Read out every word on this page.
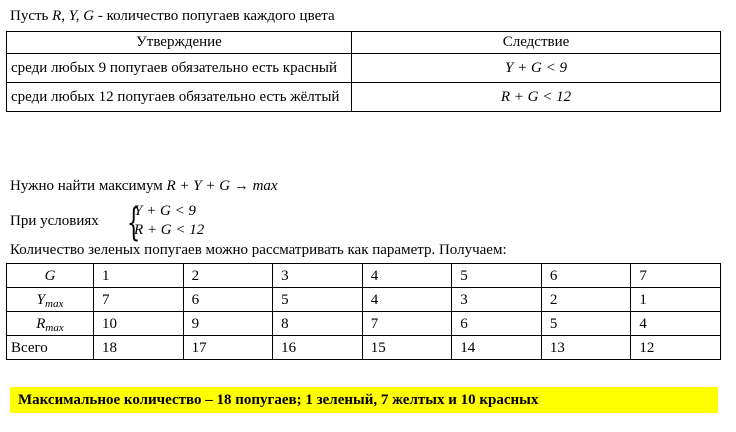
Пусть R, Y, G - количество попугаев каждого цвета
Утверждение	Следствие
среди любых 9 попугаев обязательно есть красный	Y + G < 9
среди любых 12 попугаев обязательно есть жёлтый	R + G < 12
Нужно найти максимум R + Y + G → max
При условиях {
Y + G < 9
R + G < 12
Количество зеленых попугаев можно рассматривать как параметр. Получаем:
G	1	2	3	4	5	6	7
$Y_{max}$	7	6	5	4	3	2	1
$R_{max}$	10	9	8	7	6	5	4
Всего	18	17	16	15	14	13	12
Максимальное количество – 18 попугаев; 1 зеленый, 7 желтых и 10 красных
